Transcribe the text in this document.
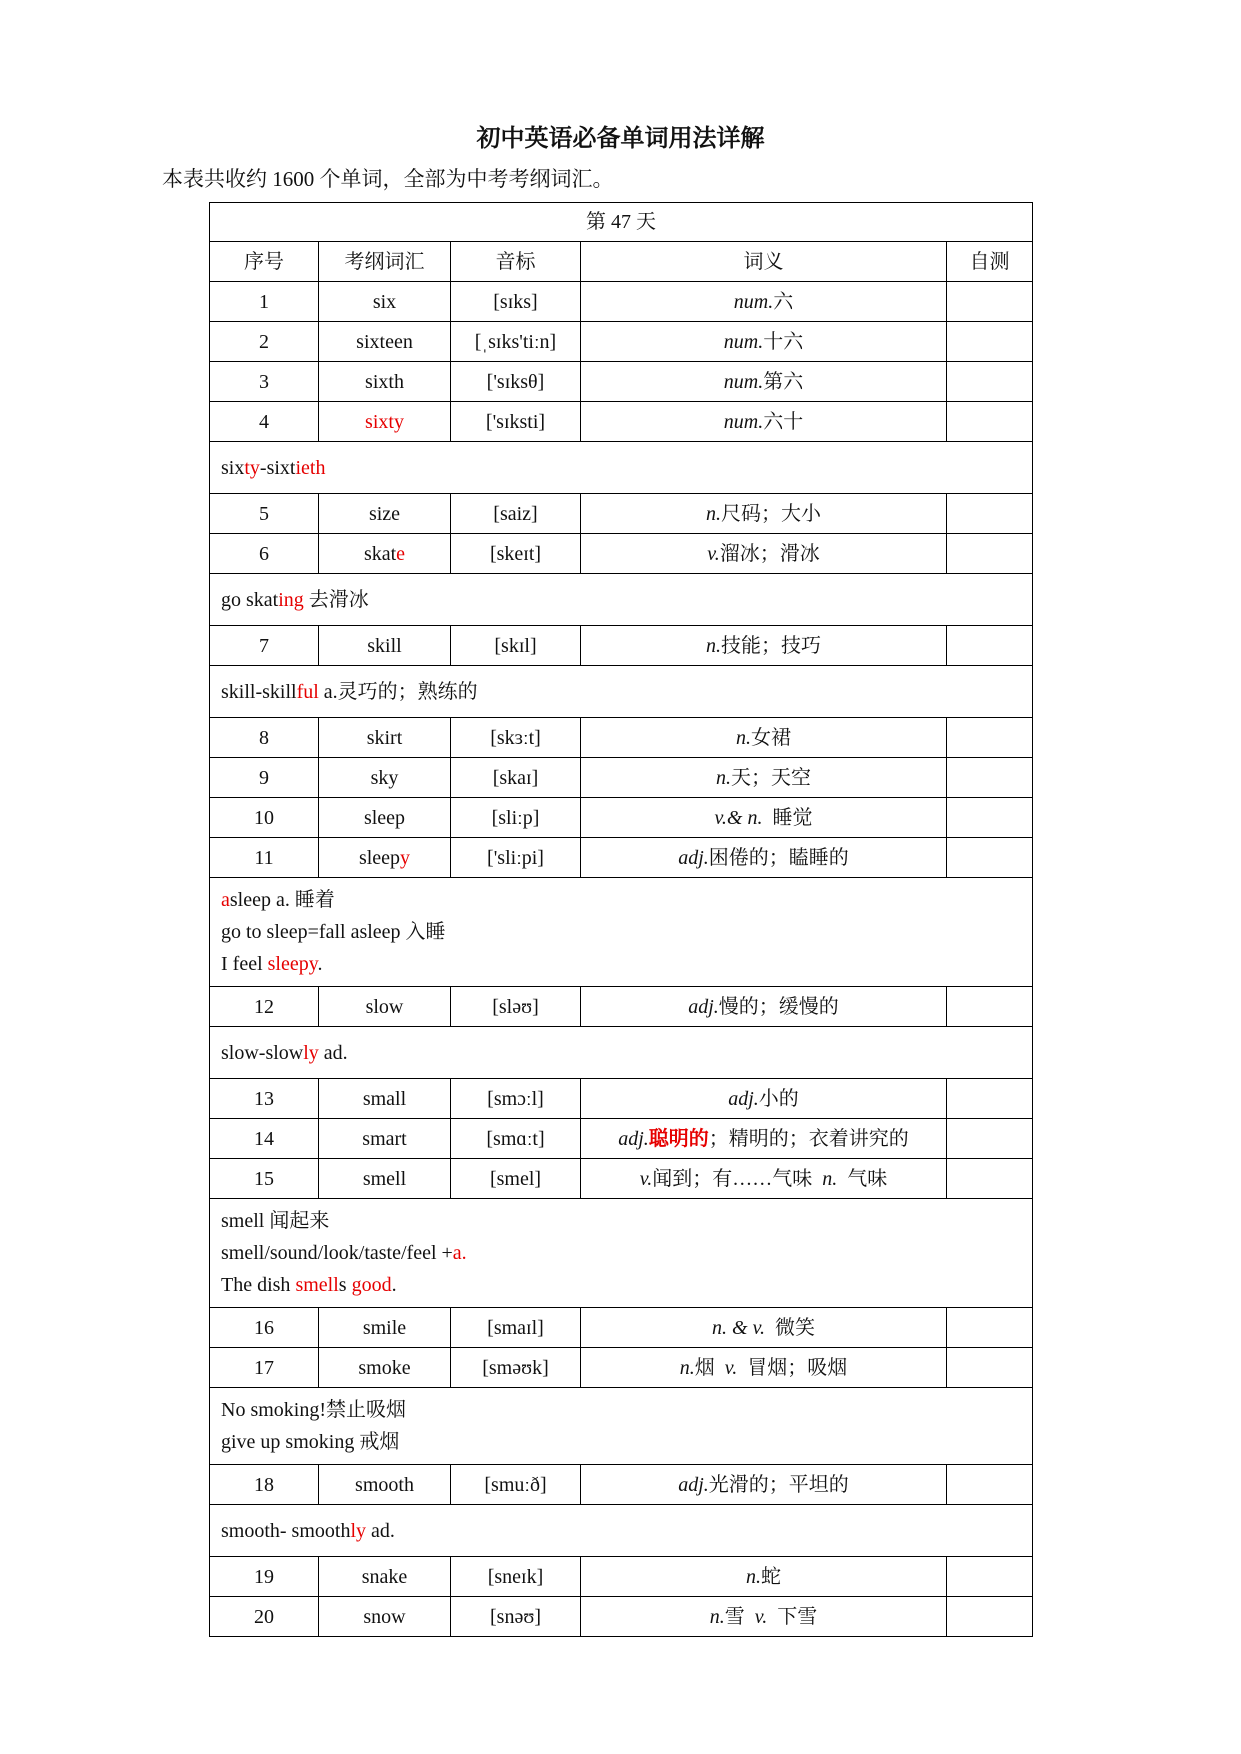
初中英语必备单词用法详解
本表共收约 1600 个单词，全部为中考考纲词汇。
第 47 天				
序号	考纲词汇	音标	词义	自测
1	six	[sɪks]	num.六	
2	sixteen	[ˌsɪks'tiːn]	num.十六	
3	sixth	['sɪksθ]	num.第六	
4	sixty	['sɪksti]	num.六十	
sixty-sixtieth				
5	size	[saiz]	n.尺码；大小	
6	skate	[skeɪt]	v.溜冰；滑冰	
go skating 去滑冰				
7	skill	[skɪl]	n.技能；技巧	
skill-skillful a.灵巧的；熟练的				
8	skirt	[skɜːt]	n.女裙	
9	sky	[skaɪ]	n.天；天空	
10	sleep	[sliːp]	v.& n. 睡觉	
11	sleepy	['sliːpi]	adj.困倦的；瞌睡的	

asleep a. 睡着
go to sleep=fall asleep 入睡
I feel sleepy.				

12	slow	[sləʊ]	adj.慢的；缓慢的	
slow-slowly ad.				
13	small	[smɔːl]	adj.小的	
14	smart	[smɑːt]	adj.聪明的；精明的；衣着讲究的	
15	smell	[smel]	v.闻到；有……气味 n. 气味	

smell 闻起来
smell/sound/look/taste/feel +a.
The dish smells good.				

16	smile	[smaɪl]	n. & v. 微笑	
17	smoke	[sməʊk]	n.烟 v. 冒烟；吸烟	

No smoking!禁止吸烟
give up smoking 戒烟				

18	smooth	[smuːð]	adj.光滑的；平坦的	
smooth- smoothly ad.				
19	snake	[sneɪk]	n.蛇	
20	snow	[snəʊ]	n.雪 v. 下雪	
